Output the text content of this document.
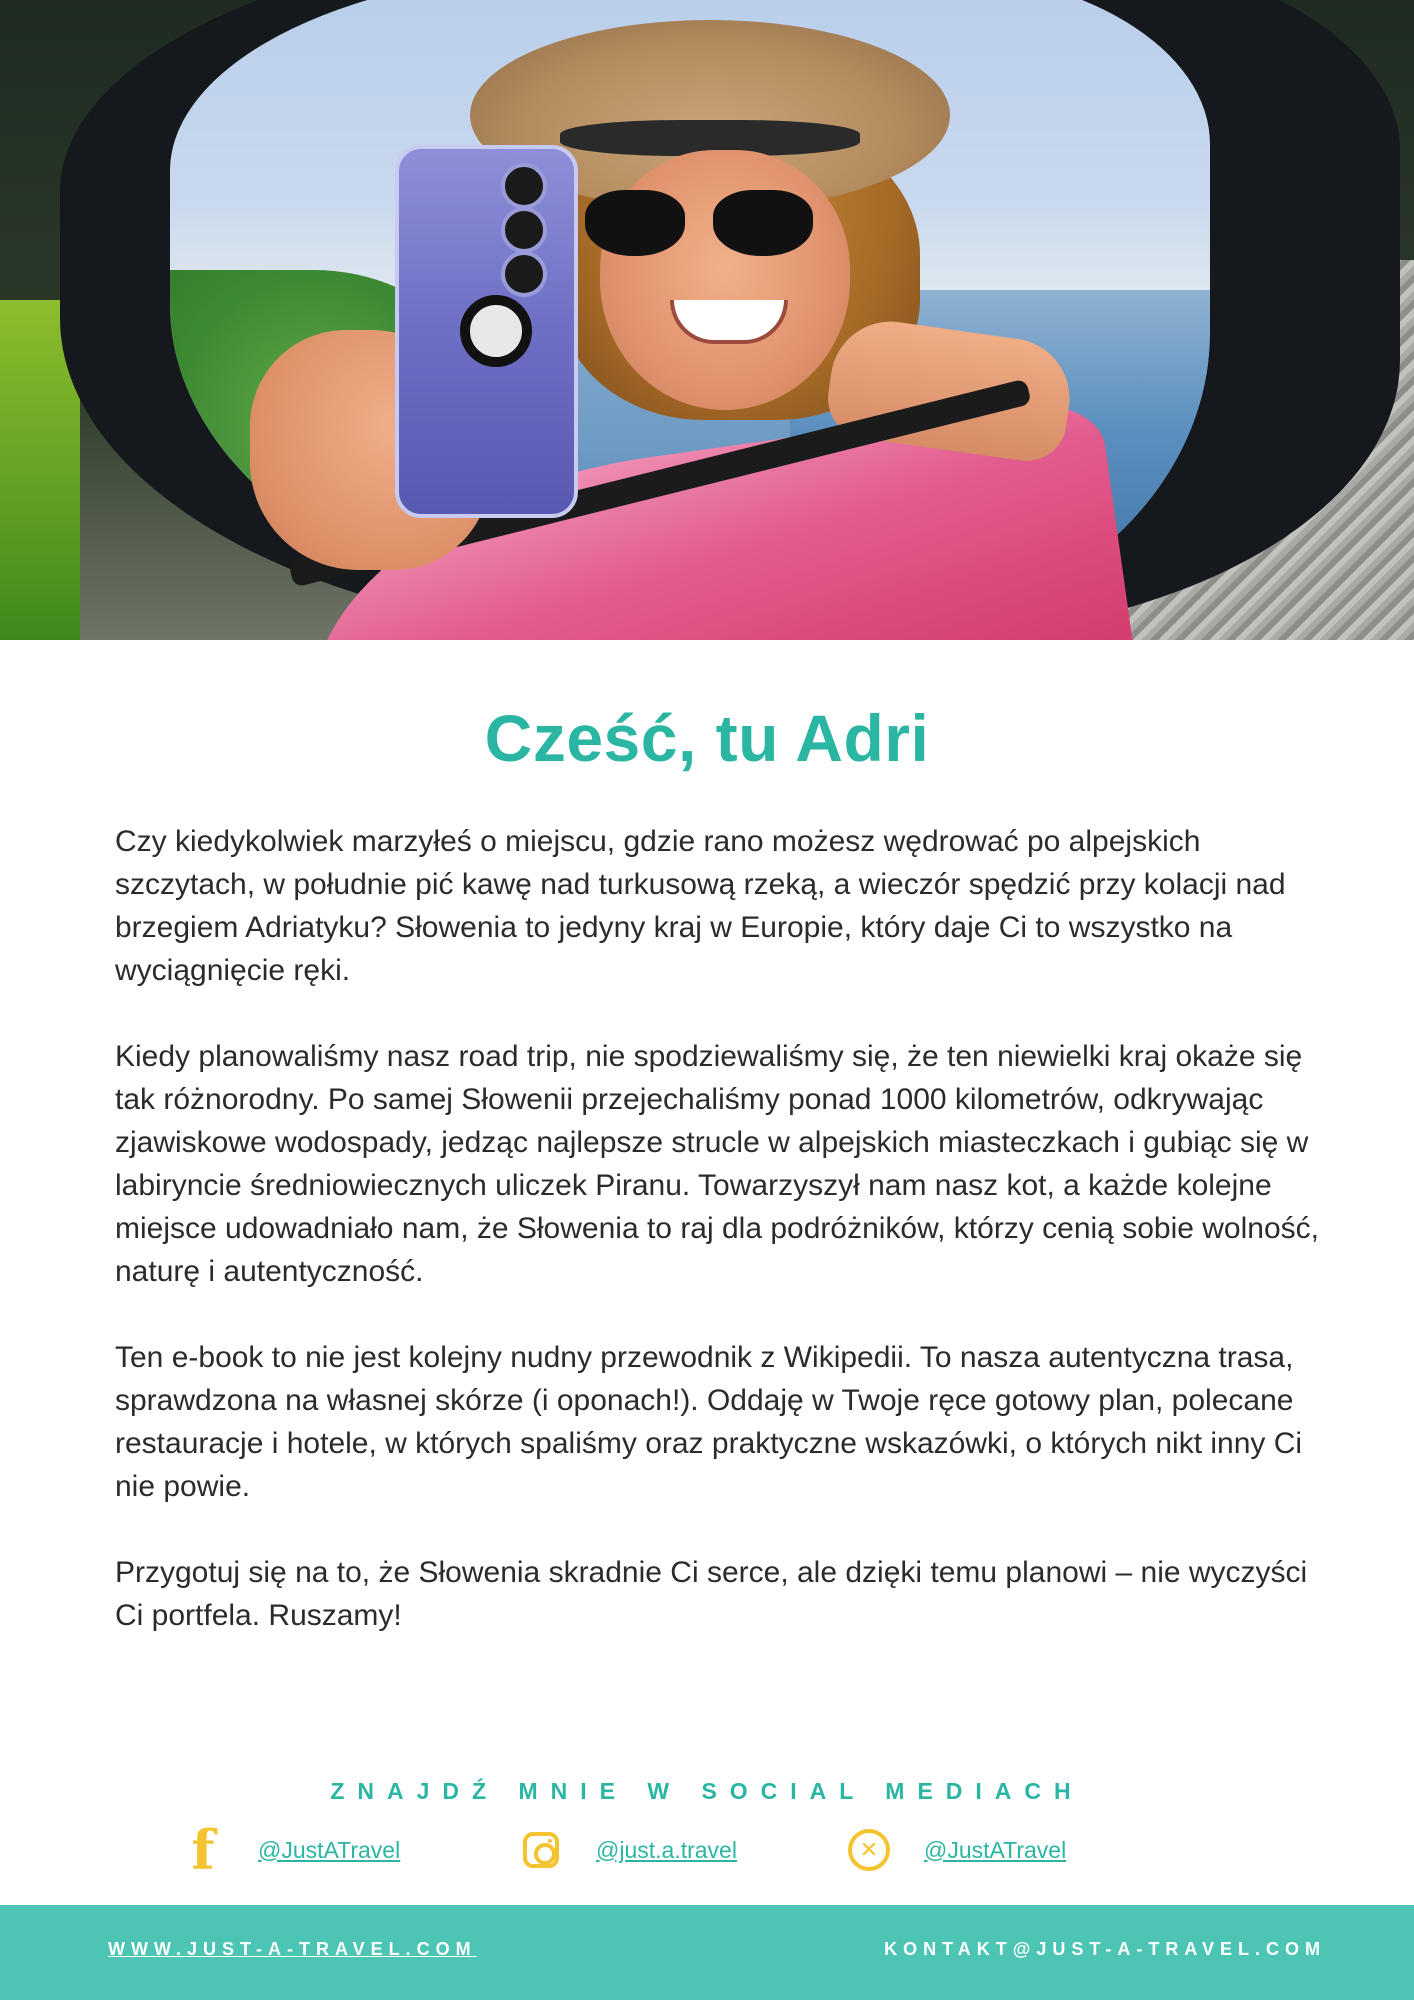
Cześć, tu Adri

Czy kiedykolwiek marzyłeś o miejscu, gdzie rano możesz wędrować po alpejskich szczytach, w południe pić kawę nad turkusową rzeką, a wieczór spędzić przy kolacji nad brzegiem Adriatyku? Słowenia to jedyny kraj w Europie, który daje Ci to wszystko na wyciągnięcie ręki.

Kiedy planowaliśmy nasz road trip, nie spodziewaliśmy się, że ten niewielki kraj okaże się tak różnorodny. Po samej Słowenii przejechaliśmy ponad 1000 kilometrów, odkrywając zjawiskowe wodospady, jedząc najlepsze strucle w alpejskich miasteczkach i gubiąc się w labiryncie średniowiecznych uliczek Piranu. Towarzyszył nam nasz kot, a każde kolejne miejsce udowadniało nam, że Słowenia to raj dla podróżników, którzy cenią sobie wolność, naturę i autentyczność.

Ten e-book to nie jest kolejny nudny przewodnik z Wikipedii. To nasza autentyczna trasa, sprawdzona na własnej skórze (i oponach!). Oddaję w Twoje ręce gotowy plan, polecane restauracje i hotele, w których spaliśmy oraz praktyczne wskazówki, o których nikt inny Ci nie powie.

Przygotuj się na to, że Słowenia skradnie Ci serce, ale dzięki temu planowi – nie wyczyści Ci portfela. Ruszamy!

ZNAJDŹ MNIE W SOCIAL MEDIACH
f @JustATravel	@just.a.travel	✕	@JustATravel
WWW.JUST-A-TRAVEL.COM	KONTAKT@JUST-A-TRAVEL.COM
